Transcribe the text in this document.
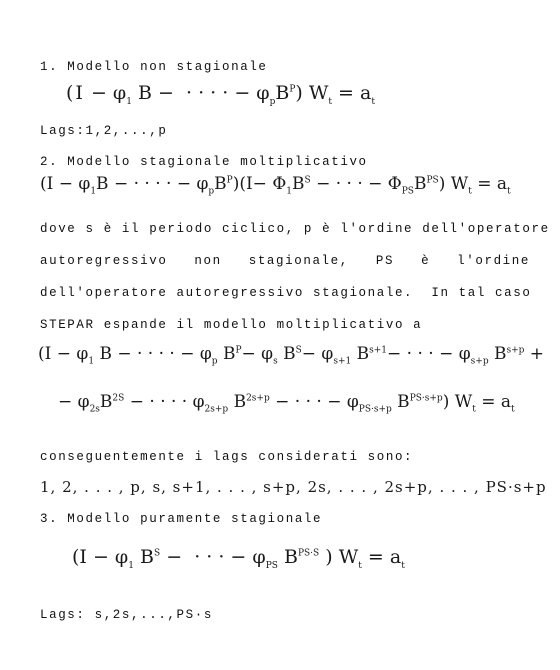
1. Modello non stagionale
( $I - \varphi_1$ B −  · · · · − $\varphi_pB^P$) $W_t = a_t$
Lags:1,2,...,p
2. Modello stagionale moltiplicativo
($I - \varphi_1B$ − · · · · − $\varphi_pB^P)(I- \Phi_1B^S$ − · · · − $\Phi_{PS}B^{PS}$) $W_t = a_t$
dove s è il periodo ciclico, p è l'ordine dell'operatore
autoregressivo non stagionale, PS è l'ordine
dell'operatore autoregressivo stagionale.  In tal caso
STEPAR espande il modello moltiplicativo a
($I - \varphi_1$ B − · · · · − $\varphi_p$ $B^P- \varphi_s$ $B^S- \varphi_{s+1}$ $B^{s+1}-$ · · · − $\varphi_{s+p}$ $B^{s+p}$ +
− $\varphi_{2s}B^{2S}$ − · · · · $\varphi_{2s+p}$ $B^{2s+p}$ − · · · − $\varphi_{PS\cdot s+p}$ $B^{PS\cdot s+p}$) $W_t = a_t$
conseguentemente i lags considerati sono:
1, 2, . . . , p, s, s+1, . . . , s+p, 2s, . . . , 2s+p, . . . , PS·s+p
3. Modello puramente stagionale
($I - \varphi_1$ $B^S$ −  · · · − $\varphi_{PS}$ $B^{PS\cdot S}$ ) $W_t = a_t$
Lags: s,2s,...,PS·s
